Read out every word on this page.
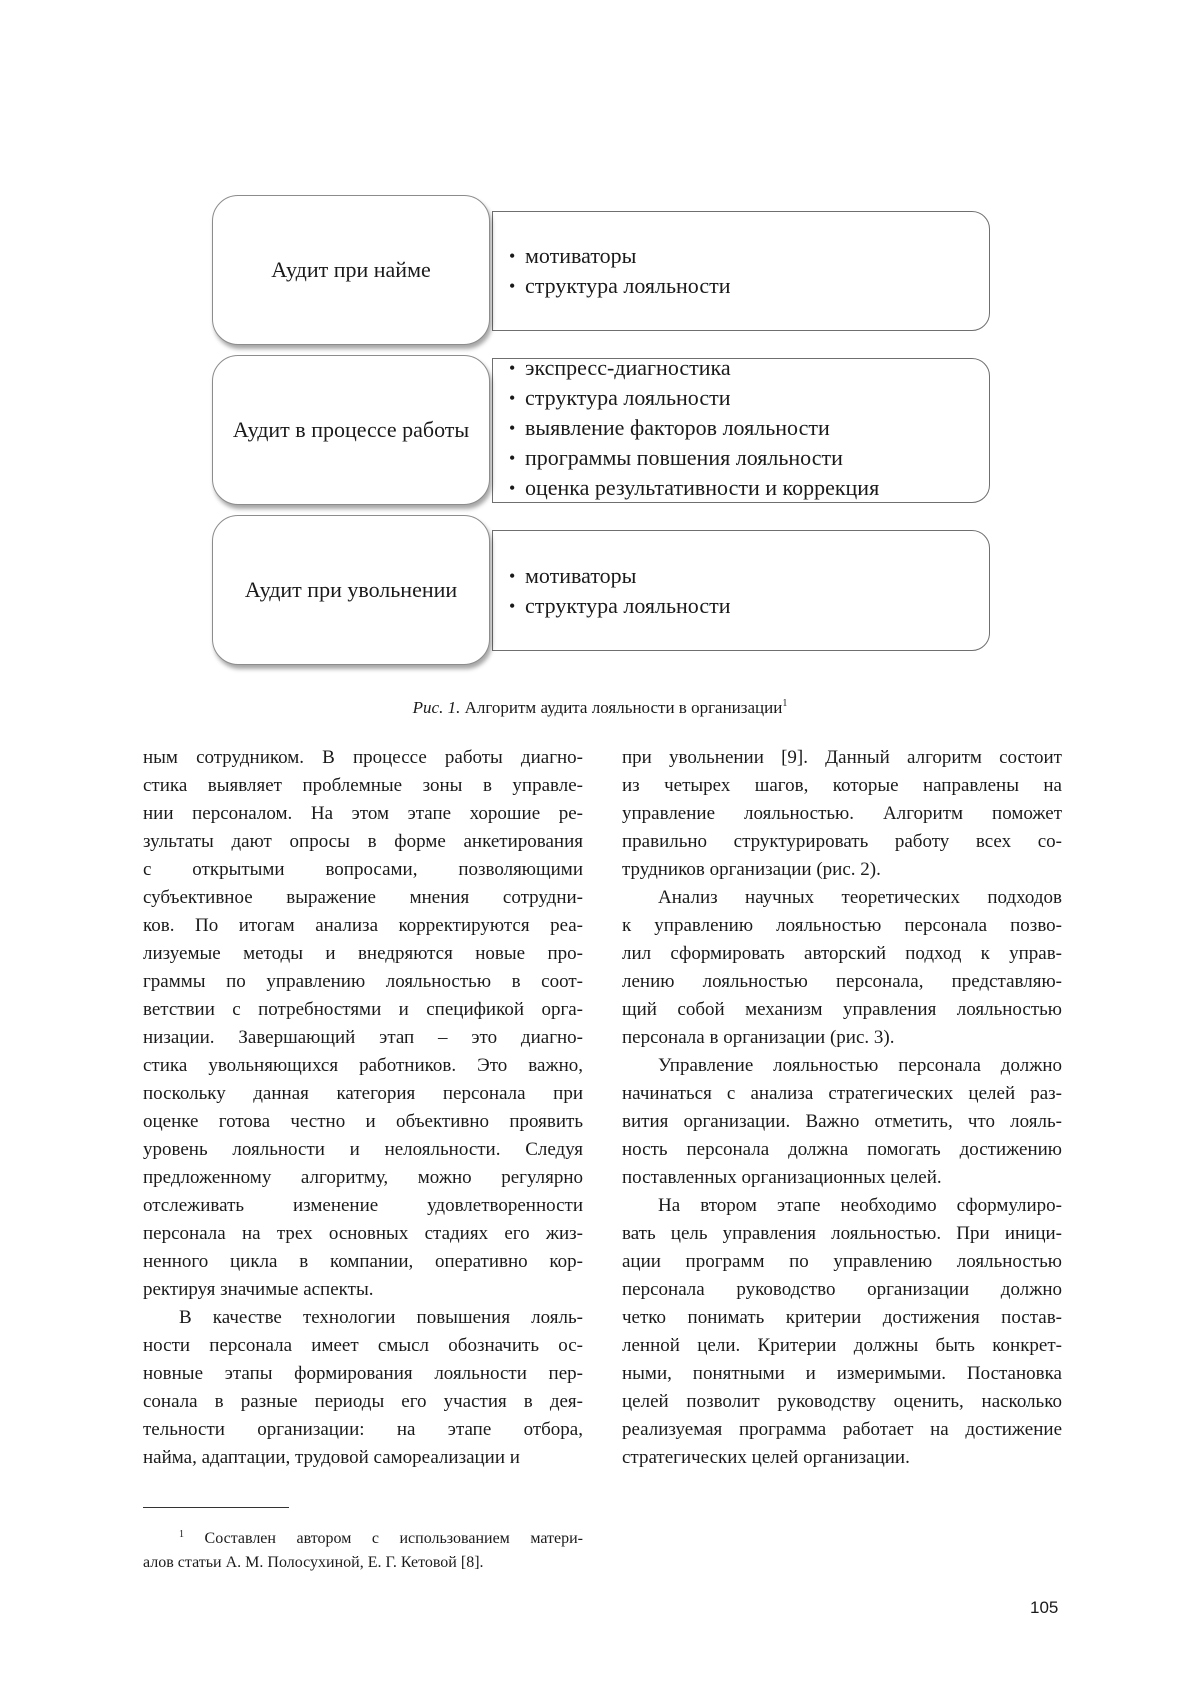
Аудит при найме
• мотиваторы
• структура лояльности
Аудит в процессе работы
• экспресс-диагностика
• структура лояльности
• выявление факторов лояльности
• программы повшения лояльности
• оценка результативности и коррекция
Аудит при увольнении
• мотиваторы
• структура лояльности
Рис. 1. Алгоритм аудита лояльности в организации$^1$
ным сотрудником. В процессе работы диагно-
стика выявляет проблемные зоны в управле-
нии персоналом. На этом этапе хорошие ре-
зультаты дают опросы в форме анкетирования
с открытыми вопросами, позволяющими
субъективное выражение мнения сотрудни-
ков. По итогам анализа корректируются реа-
лизуемые методы и внедряются новые про-
граммы по управлению лояльностью в соот-
ветствии с потребностями и спецификой орга-
низации. Завершающий этап – это диагно-
стика увольняющихся работников. Это важно,
поскольку данная категория персонала при
оценке готова честно и объективно проявить
уровень лояльности и нелояльности. Следуя
предложенному алгоритму, можно регулярно
отслеживать изменение удовлетворенности
персонала на трех основных стадиях его жиз-
ненного цикла в компании, оперативно кор-
ректируя значимые аспекты.
В качестве технологии повышения лояль-
ности персонала имеет смысл обозначить ос-
новные этапы формирования лояльности пер-
сонала в разные периоды его участия в дея-
тельности организации: на этапе отбора,
найма, адаптации, трудовой самореализации и
при увольнении [9]. Данный алгоритм состоит
из четырех шагов, которые направлены на
управление лояльностью. Алгоритм поможет
правильно структурировать работу всех со-
трудников организации (рис. 2).
Анализ научных теоретических подходов
к управлению лояльностью персонала позво-
лил сформировать авторский подход к управ-
лению лояльностью персонала, представляю-
щий собой механизм управления лояльностью
персонала в организации (рис. 3).
Управление лояльностью персонала должно
начинаться с анализа стратегических целей раз-
вития организации. Важно отметить, что лояль-
ность персонала должна помогать достижению
поставленных организационных целей.
На втором этапе необходимо сформулиро-
вать цель управления лояльностью. При иници-
ации программ по управлению лояльностью
персонала руководство организации должно
четко понимать критерии достижения постав-
ленной цели. Критерии должны быть конкрет-
ными, понятными и измеримыми. Постановка
целей позволит руководству оценить, насколько
реализуемая программа работает на достижение
стратегических целей организации.
$^1$ Составлен автором с использованием матери-
алов статьи А. М. Полосухиной, Е. Г. Кетовой [8].
105
